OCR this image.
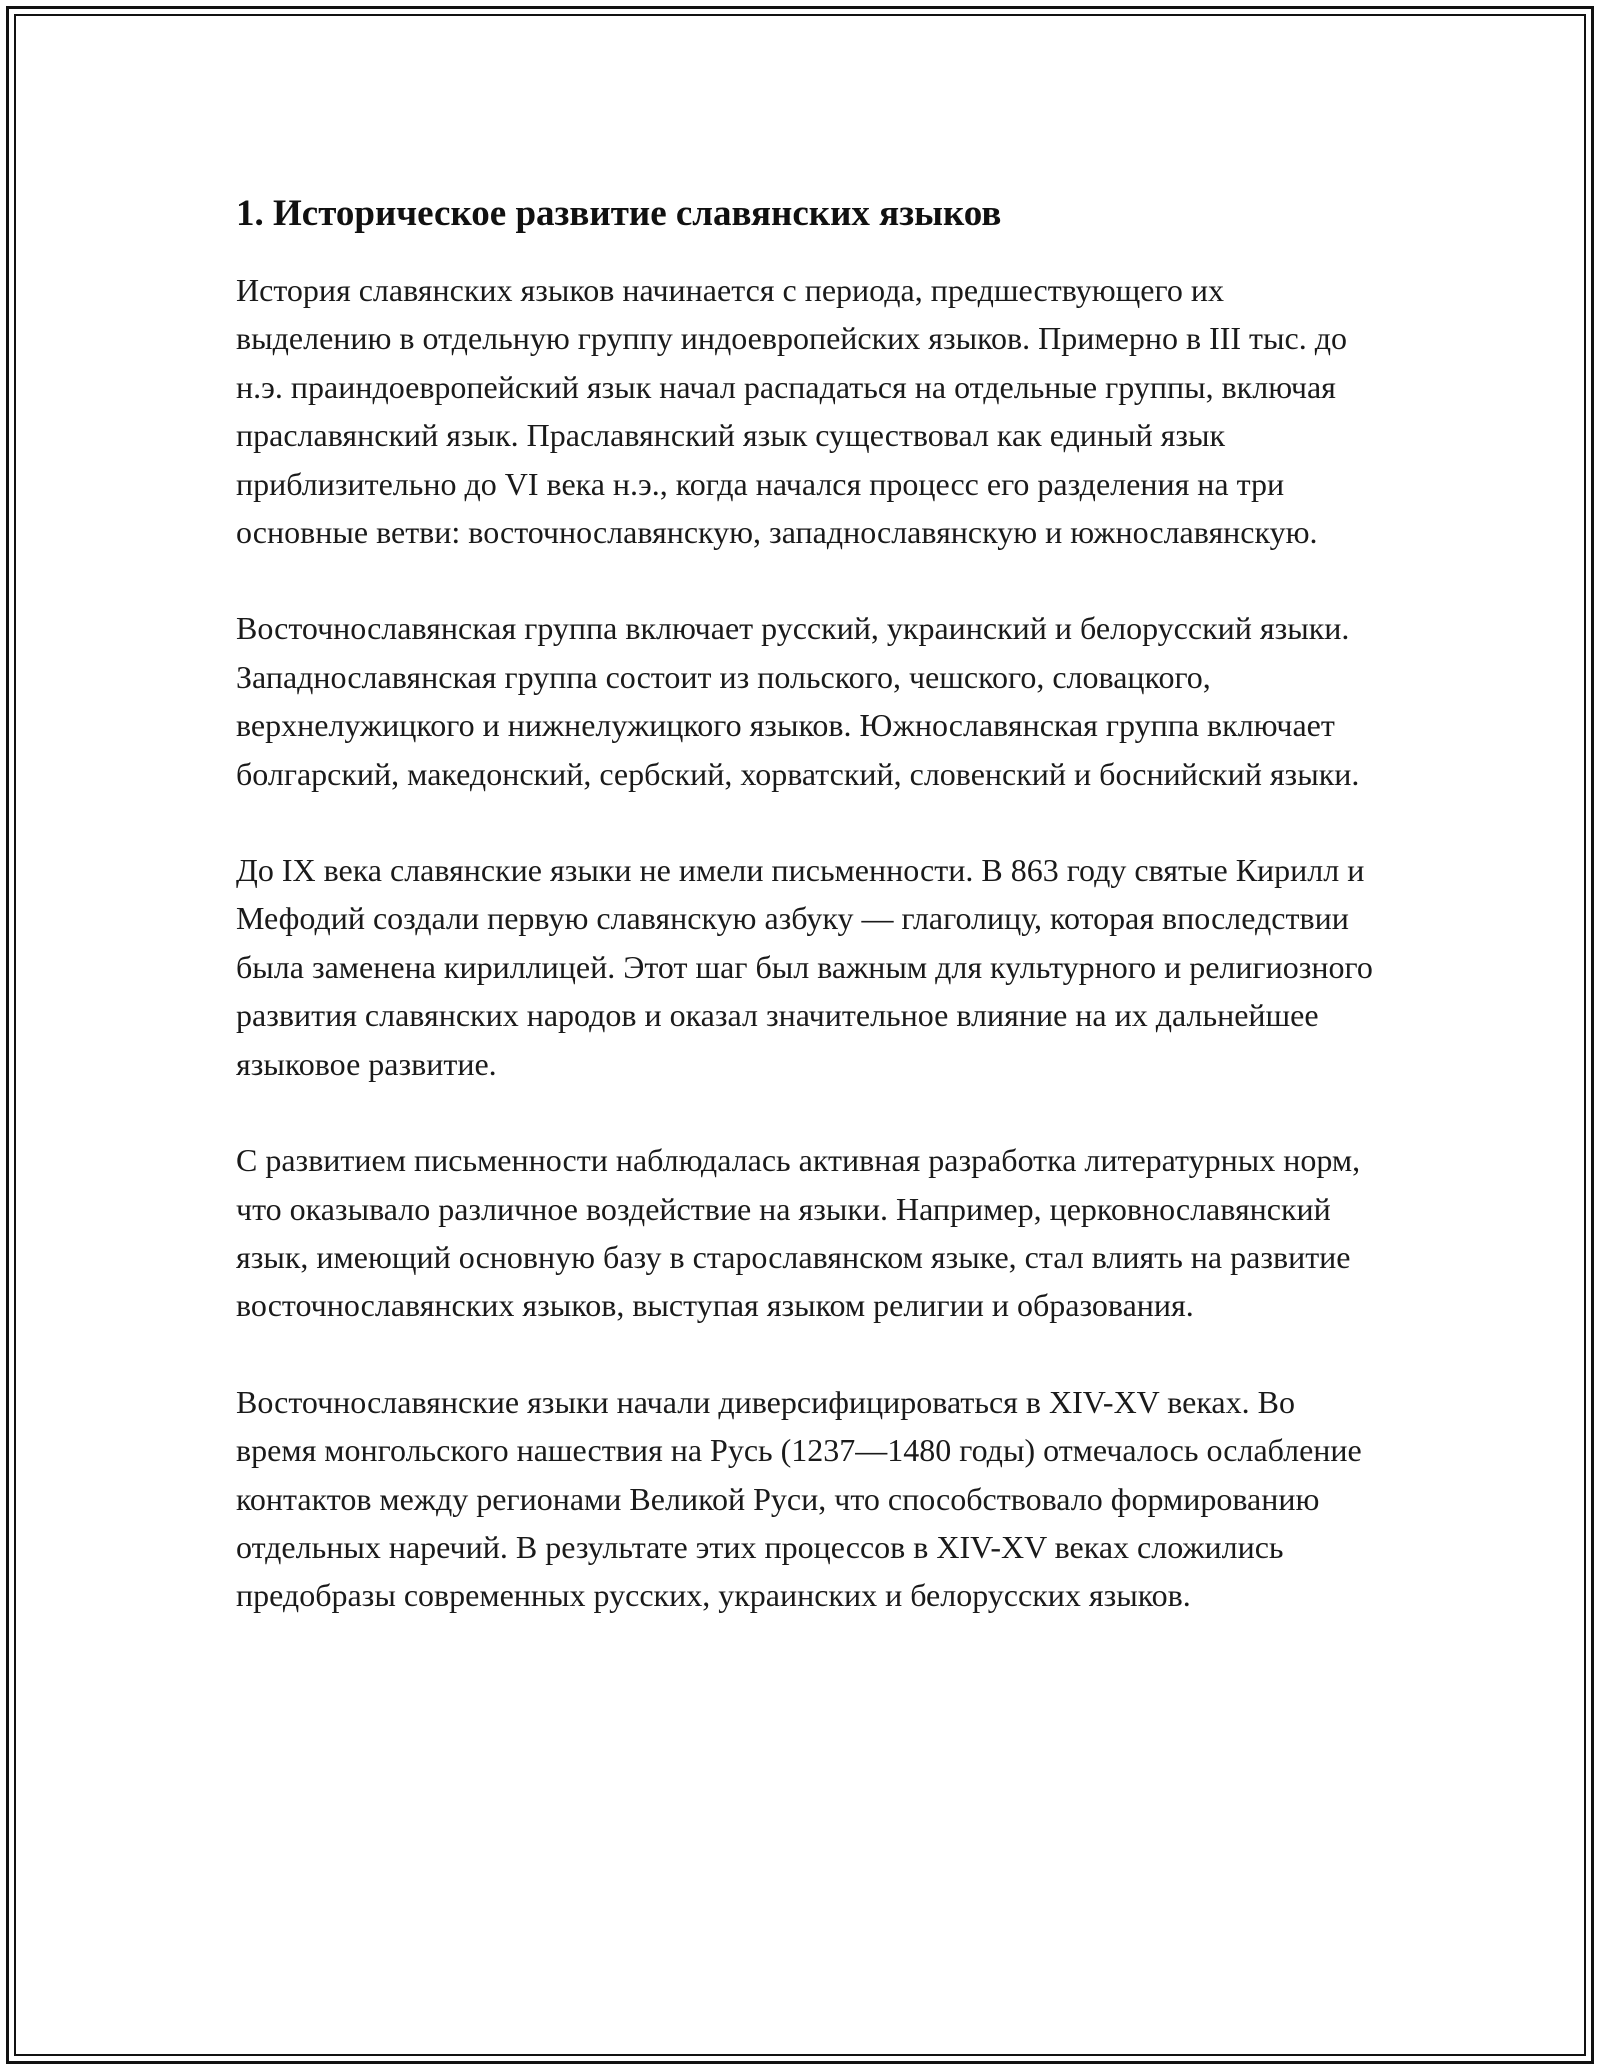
1. Историческое развитие славянских языков

История славянских языков начинается с периода, предшествующего их выделению в отдельную группу индоевропейских языков. Примерно в III тыс. до н.э. праиндоевропейский язык начал распадаться на отдельные группы, включая праславянский язык. Праславянский язык существовал как единый язык приблизительно до VI века н.э., когда начался процесс его разделения на три основные ветви: восточнославянскую, западнославянскую и южнославянскую.

Восточнославянская группа включает русский, украинский и белорусский языки. Западнославянская группа состоит из польского, чешского, словацкого, верхнелужицкого и нижнелужицкого языков. Южнославянская группа включает болгарский, македонский, сербский, хорватский, словенский и боснийский языки.

До IX века славянские языки не имели письменности. В 863 году святые Кирилл и Мефодий создали первую славянскую азбуку — глаголицу, которая впоследствии была заменена кириллицей. Этот шаг был важным для культурного и религиозного развития славянских народов и оказал значительное влияние на их дальнейшее языковое развитие.

С развитием письменности наблюдалась активная разработка литературных норм, что оказывало различное воздействие на языки. Например, церковнославянский язык, имеющий основную базу в старославянском языке, стал влиять на развитие восточнославянских языков, выступая языком религии и образования.

Восточнославянские языки начали диверсифицироваться в XIV-XV веках. Во время монгольского нашествия на Русь (1237—1480 годы) отмечалось ослабление контактов между регионами Великой Руси, что способствовало формированию отдельных наречий. В результате этих процессов в XIV-XV веках сложились предобразы современных русских, украинских и белорусских языков.
